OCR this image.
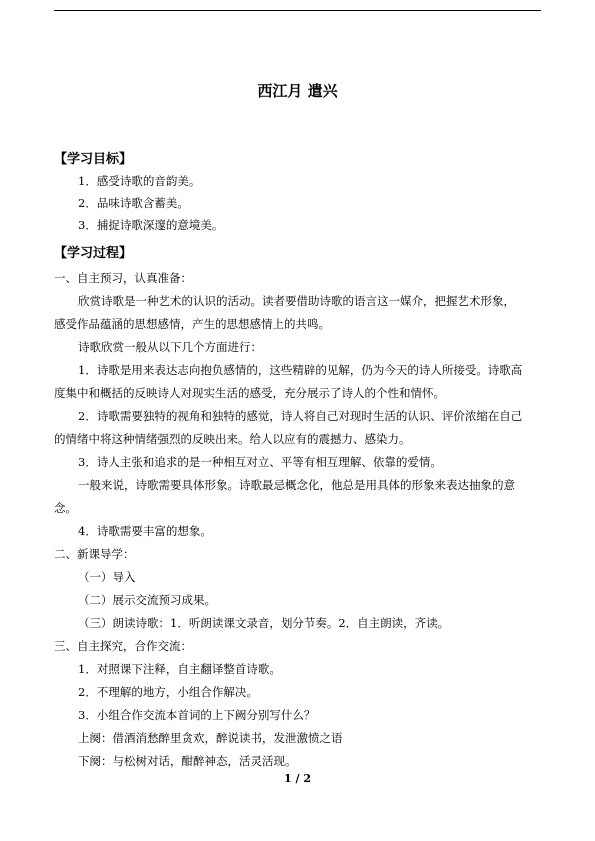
西江月 遣兴
【学习目标】
1．感受诗歌的音韵美。
2．品味诗歌含蓄美。
3．捕捉诗歌深邃的意境美。
【学习过程】
一、自主预习，认真准备：
欣赏诗歌是一种艺术的认识的活动。读者要借助诗歌的语言这一媒介，把握艺术形象，
感受作品蕴涵的思想感情，产生的思想感情上的共鸣。
诗歌欣赏一般从以下几个方面进行：
1．诗歌是用来表达志向抱负感情的，这些精辟的见解，仍为今天的诗人所接受。诗歌高
度集中和概括的反映诗人对现实生活的感受，充分展示了诗人的个性和情怀。
2．诗歌需要独特的视角和独特的感觉，诗人将自己对现时生活的认识、评价浓缩在自己
的情绪中将这种情绪强烈的反映出来。给人以应有的震撼力、感染力。
3．诗人主张和追求的是一种相互对立、平等有相互理解、依靠的爱情。
一般来说，诗歌需要具体形象。诗歌最忌概念化，他总是用具体的形象来表达抽象的意
念。
4．诗歌需要丰富的想象。
二、新课导学：
（一）导入
（二）展示交流预习成果。
（三）朗读诗歌：1．听朗读课文录音，划分节奏。2．自主朗读，齐读。
三、自主探究，合作交流：
1．对照课下注释，自主翻译整首诗歌。
2．不理解的地方，小组合作解决。
3．小组合作交流本首词的上下阙分别写什么？
上阕：借酒消愁醉里贪欢，醉说读书，发泄激愤之语
下阕：与松树对话，酣醉神态，活灵活现。
1 / 2
